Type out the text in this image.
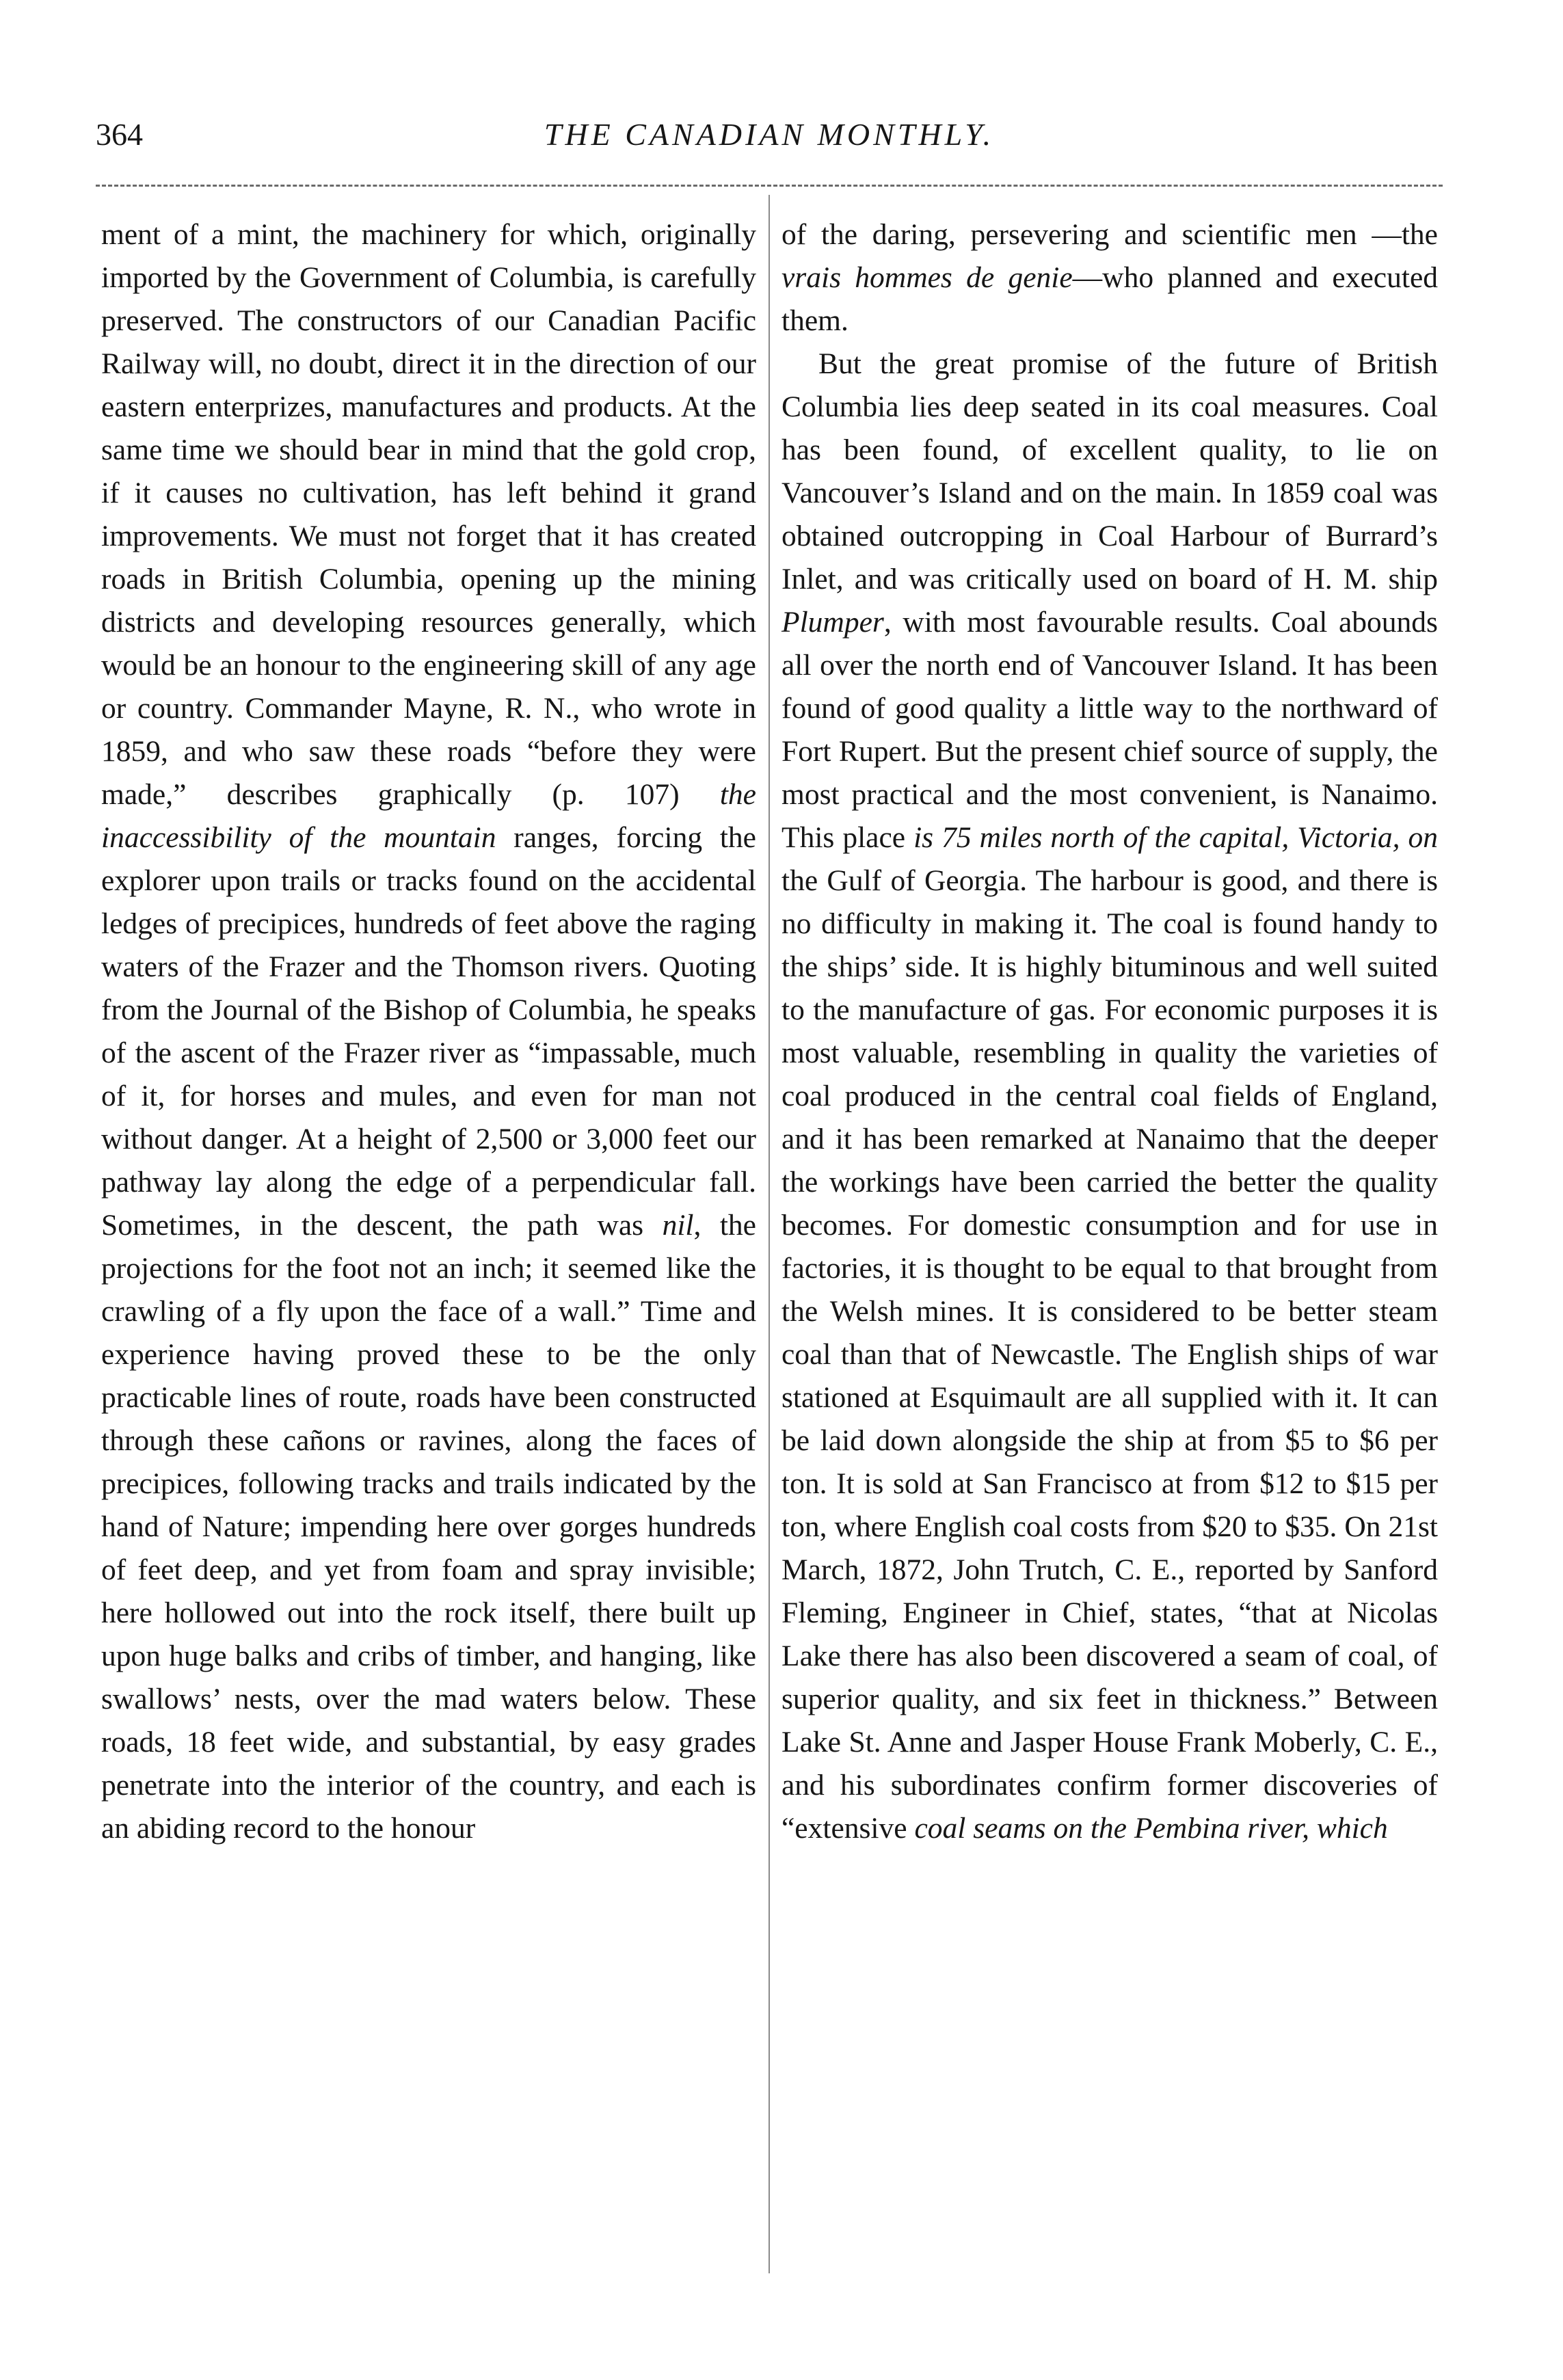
364	THE CANADIAN MONTHLY.

ment of a mint, the machinery for which, originally imported by the Government of Columbia, is carefully preserved. The constructors of our Canadian Pacific Railway will, no doubt, direct it in the direction of our eastern enterprizes, manufactures and products. At the same time we should bear in mind that the gold crop, if it causes no cultivation, has left behind it grand improvements. We must not forget that it has created roads in British Columbia, opening up the mining districts and developing resources generally, which would be an honour to the engineering skill of any age or country. Commander Mayne, R. N., who wrote in 1859, and who saw these roads “before they were made,” describes graphically (p. 107) the inaccessibility of the mountain ranges, forcing the explorer upon trails or tracks found on the accidental ledges of precipices, hundreds of feet above the raging waters of the Frazer and the Thomson rivers. Quoting from the Journal of the Bishop of Columbia, he speaks of the ascent of the Frazer river as “impassable, much of it, for horses and mules, and even for man not without danger. At a height of 2,500 or 3,000 feet our pathway lay along the edge of a perpendicular fall. Sometimes, in the descent, the path was nil, the projections for the foot not an inch; it seemed like the crawling of a fly upon the face of a wall.” Time and experience having proved these to be the only practicable lines of route, roads have been constructed through these cañons or ravines, along the faces of precipices, following tracks and trails indicated by the hand of Nature; impending here over gorges hundreds of feet deep, and yet from foam and spray invisible; here hollowed out into the rock itself, there built up upon huge balks and cribs of timber, and hanging, like swallows’ nests, over the mad waters below. These roads, 18 feet wide, and substantial, by easy grades penetrate into the interior of the country, and each is an abiding record to the honour

of the daring, persevering and scientific men —the vrais hommes de genie—who planned and executed them.

But the great promise of the future of British Columbia lies deep seated in its coal measures. Coal has been found, of excellent quality, to lie on Vancouver’s Island and on the main. In 1859 coal was obtained outcropping in Coal Harbour of Burrard’s Inlet, and was critically used on board of H. M. ship Plumper, with most favourable results. Coal abounds all over the north end of Vancouver Island. It has been found of good quality a little way to the northward of Fort Rupert. But the present chief source of supply, the most practical and the most convenient, is Nanaimo. This place is 75 miles north of the capital, Victoria, on the Gulf of Georgia. The harbour is good, and there is no difficulty in making it. The coal is found handy to the ships’ side. It is highly bituminous and well suited to the manufacture of gas. For economic purposes it is most valuable, resembling in quality the varieties of coal produced in the central coal fields of England, and it has been remarked at Nanaimo that the deeper the workings have been carried the better the quality becomes. For domestic consumption and for use in factories, it is thought to be equal to that brought from the Welsh mines. It is considered to be better steam coal than that of Newcastle. The English ships of war stationed at Esquimault are all supplied with it. It can be laid down alongside the ship at from $5 to $6 per ton. It is sold at San Francisco at from $12 to $15 per ton, where English coal costs from $20 to $35. On 21st March, 1872, John Trutch, C. E., reported by Sanford Fleming, Engineer in Chief, states, “that at Nicolas Lake there has also been discovered a seam of coal, of superior quality, and six feet in thickness.” Between Lake St. Anne and Jasper House Frank Moberly, C. E., and his subordinates confirm former discoveries of “extensive coal seams on the Pembina river, which
